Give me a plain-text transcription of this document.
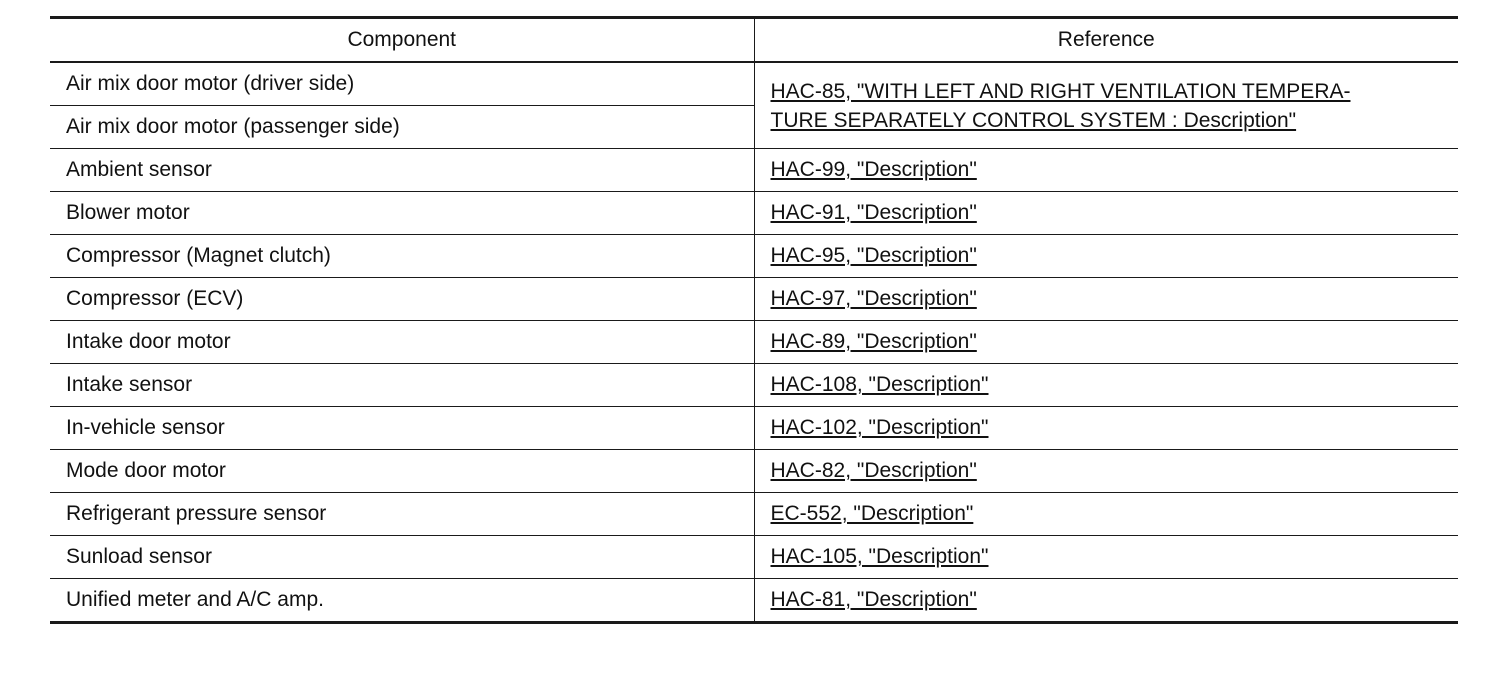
Component	Reference
Air mix door motor (driver side)	HAC-85, "WITH LEFT AND RIGHT VENTILATION TEMPERA-
TURE SEPARATELY CONTROL SYSTEM : Description"

Air mix door motor (passenger side)	
Ambient sensor	HAC-99, "Description"
Blower motor	HAC-91, "Description"
Compressor (Magnet clutch)	HAC-95, "Description"
Compressor (ECV)	HAC-97, "Description"
Intake door motor	HAC-89, "Description"
Intake sensor	HAC-108, "Description"
In-vehicle sensor	HAC-102, "Description"
Mode door motor	HAC-82, "Description"
Refrigerant pressure sensor	EC-552, "Description"
Sunload sensor	HAC-105, "Description"
Unified meter and A/C amp.	HAC-81, "Description"
